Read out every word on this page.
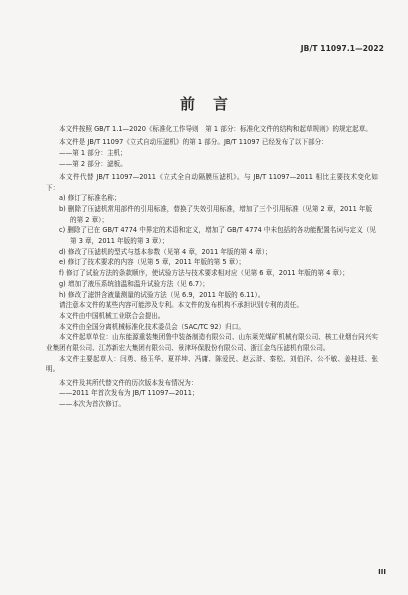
JB/T 11097.1—2022
前言

本文件按照 GB/T 1.1—2020《标准化工作导则　第 1 部分：标准化文件的结构和起草规则》的规定起草。

本文件是 JB/T 11097《立式自动压滤机》的第 1 部分。JB/T 11097 已经发布了以下部分：

——第 1 部分：主机；

——第 2 部分：滤板。

本文件代替 JB/T 11097—2011《立式全自动隔膜压滤机》。与 JB/T 11097—2011 相比主要技术变化如下：

a) 修订了标准名称；

b) 删除了压滤机常用部件的引用标准，替换了失效引用标准，增加了三个引用标准（见第 2 章，2011 年版的第 2 章）；

c) 删除了已在 GB/T 4774 中界定的术语和定义，增加了 GB/T 4774 中未包括的各功能配置名词与定义（见第 3 章，2011 年版的第 3 章）；

d) 修改了压滤机的型式与基本参数（见第 4 章，2011 年版的第 4 章）；

e) 修订了技术要求的内容（见第 5 章，2011 年版的第 5 章）；

f) 修订了试验方法的条款顺序，使试验方法与技术要求相对应（见第 6 章，2011 年版的第 4 章）；

g) 增加了液压系统油温和温升试验方法（见 6.7）；

h) 修改了滤饼含液量测量的试验方法（见 6.9，2011 年版的 6.11）。

请注意本文件的某些内容可能涉及专利。本文件的发布机构不承担识别专利的责任。

本文件由中国机械工业联合会提出。

本文件由全国分离机械标准化技术委员会（SAC/TC 92）归口。

本文件起草单位：山东能源重装集团鲁中装备制造有限公司、山东莱芜煤矿机械有限公司、核工业烟台同兴实业集团有限公司、江苏新宏大集团有限公司、景津环保股份有限公司、浙江金鸟压滤机有限公司。

本文件主要起草人：闫勇、杨玉华、夏祥坤、冯庸、陈爱民、赵云浒、秦松、刘伯洋、公不敏、姜桂廷、张明。

本文件及其所代替文件的历次版本发布情况为：

——2011 年首次发布为 JB/T 11097—2011；

——本次为首次修订。

III
